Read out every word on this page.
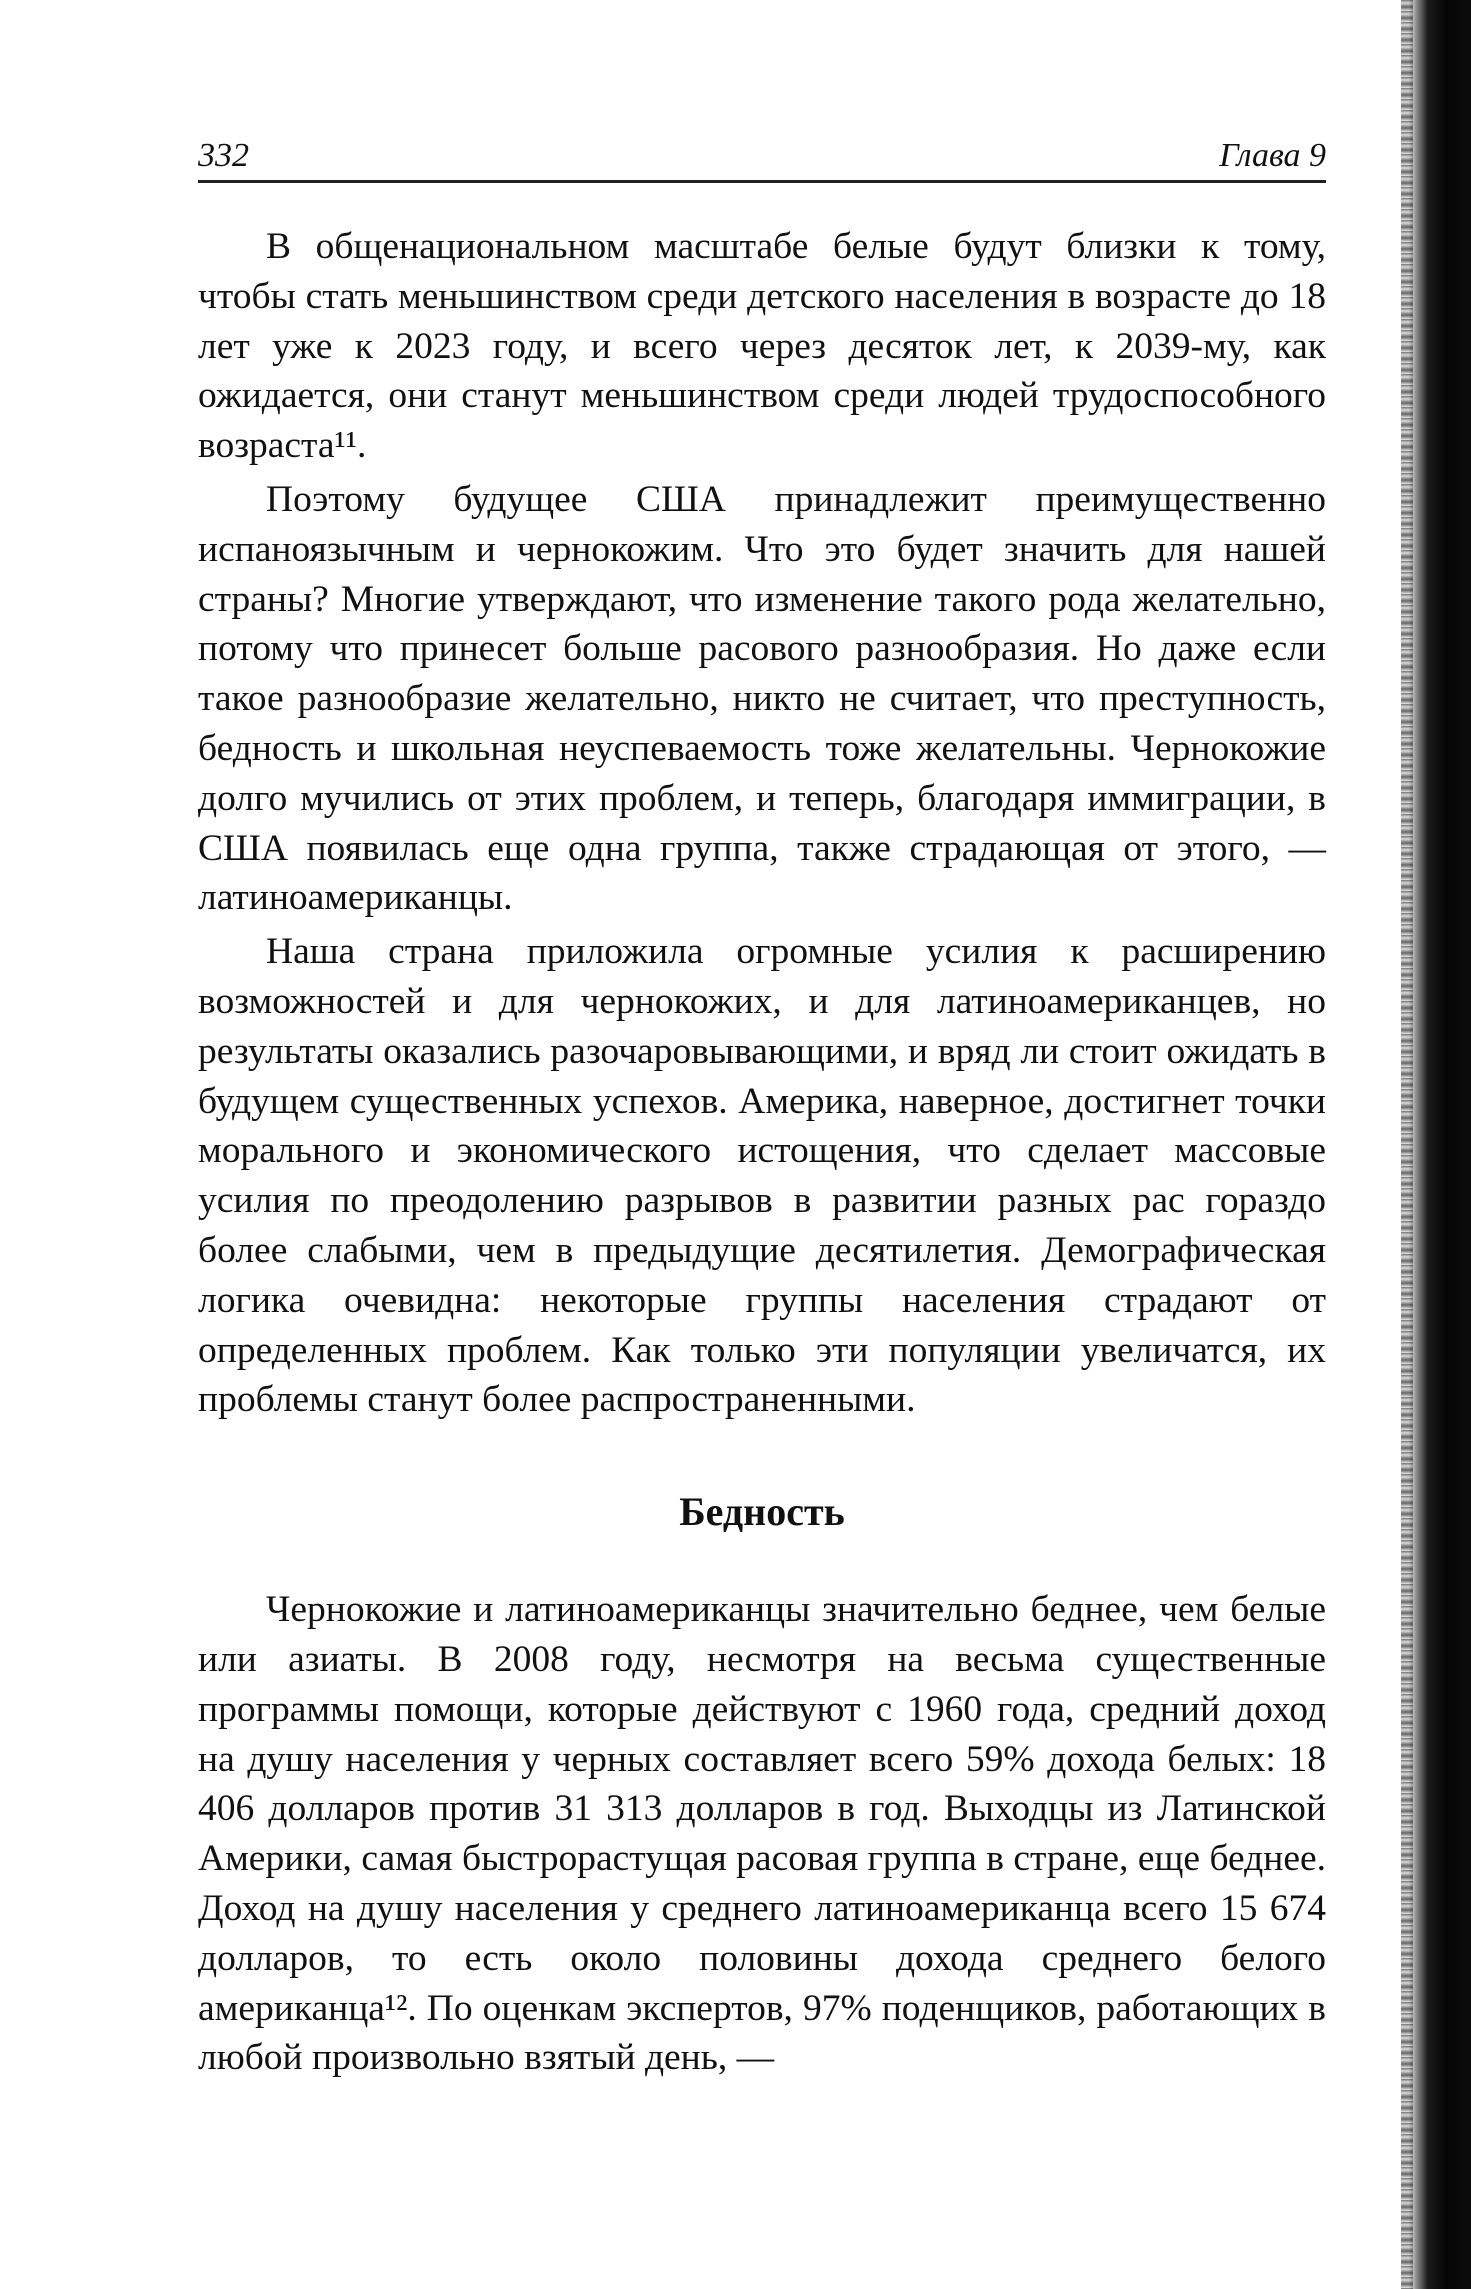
332	Глава 9

В общенациональном масштабе белые будут близки к тому, чтобы стать меньшинством среди детского населения в возрасте до 18 лет уже к 2023 году, и всего через десяток лет, к 2039-му, как ожидается, они станут меньшинством среди людей трудоспособного возраста¹¹.

Поэтому будущее США принадлежит преимущественно испаноязычным и чернокожим. Что это будет значить для нашей страны? Многие утверждают, что изменение такого рода желательно, потому что принесет больше расового разнообразия. Но даже если такое разнообразие желательно, никто не считает, что преступность, бедность и школьная неуспеваемость тоже желательны. Чернокожие долго мучились от этих проблем, и теперь, благодаря иммиграции, в США появилась еще одна группа, также страдающая от этого, — латиноамериканцы.

Наша страна приложила огромные усилия к расширению возможностей и для чернокожих, и для латиноамериканцев, но результаты оказались разочаровывающими, и вряд ли стоит ожидать в будущем существенных успехов. Америка, наверное, достигнет точки морального и экономического истощения, что сделает массовые усилия по преодолению разрывов в развитии разных рас гораздо более слабыми, чем в предыдущие десятилетия. Демографическая логика очевидна: некоторые группы населения страдают от определенных проблем. Как только эти популяции увеличатся, их проблемы станут более распространенными.

Бедность

Чернокожие и латиноамериканцы значительно беднее, чем белые или азиаты. В 2008 году, несмотря на весьма существенные программы помощи, которые действуют с 1960 года, средний доход на душу населения у черных составляет всего 59% дохода белых: 18 406 долларов против 31 313 долларов в год. Выходцы из Латинской Америки, самая быстрорастущая расовая группа в стране, еще беднее. Доход на душу населения у среднего латиноамериканца всего 15 674 долларов, то есть около половины дохода среднего белого американца¹². По оценкам экспертов, 97% поденщиков, работающих в любой произвольно взятый день, —
